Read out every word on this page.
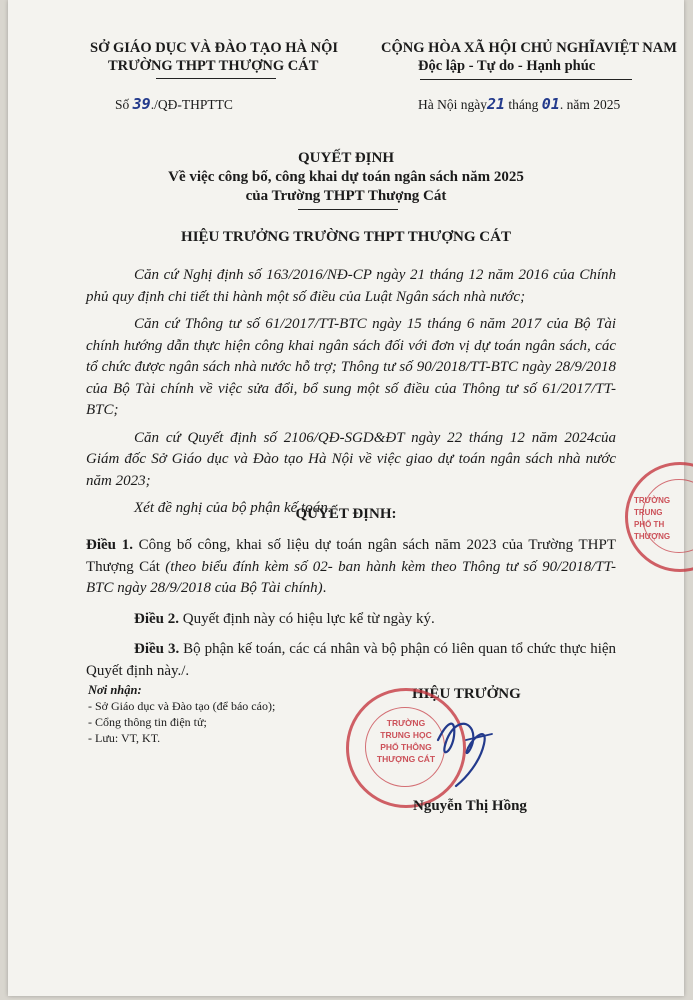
SỞ GIÁO DỤC VÀ ĐÀO TẠO HÀ NỘI
TRƯỜNG THPT THƯỢNG CÁT
CỘNG HÒA XÃ HỘI CHỦ NGHĨAVIỆT NAM
Độc lập - Tự do - Hạnh phúc
Số 39./QĐ-THPTTC	Hà Nội ngày21 tháng 01. năm 2025
QUYẾT ĐỊNH
Về việc công bố, công khai dự toán ngân sách năm 2025
của Trường THPT Thượng Cát
HIỆU TRƯỞNG TRƯỜNG THPT THƯỢNG CÁT

Căn cứ Nghị định số 163/2016/NĐ-CP ngày 21 tháng 12 năm 2016 của Chính phủ quy định chi tiết thi hành một số điều của Luật Ngân sách nhà nước;

Căn cứ Thông tư số 61/2017/TT-BTC ngày 15 tháng 6 năm 2017 của Bộ Tài chính hướng dẫn thực hiện công khai ngân sách đối với đơn vị dự toán ngân sách, các tổ chức được ngân sách nhà nước hỗ trợ; Thông tư số 90/2018/TT-BTC ngày 28/9/2018 của Bộ Tài chính về việc sửa đổi, bổ sung một số điều của Thông tư số 61/2017/TT-BTC;

Căn cứ Quyết định số 2106/QĐ-SGD&ĐT ngày 22 tháng 12 năm 2024của Giám đốc Sở Giáo dục và Đào tạo Hà Nội về việc giao dự toán ngân sách nhà nước năm 2023;

Xét đề nghị của bộ phận kế toán.

QUYẾT ĐỊNH:

Điều 1. Công bố công, khai số liệu dự toán ngân sách năm 2023 của Trường THPT Thượng Cát (theo biểu đính kèm số 02- ban hành kèm theo Thông tư số 90/2018/TT-BTC ngày 28/9/2018 của Bộ Tài chính).

Điều 2. Quyết định này có hiệu lực kể từ ngày ký.

Điều 3. Bộ phận kế toán, các cá nhân và bộ phận có liên quan tổ chức thực hiện Quyết định này./.

Nơi nhận:
- Sở Giáo dục và Đào tạo (để báo cáo);
- Cổng thông tin điện tử;
- Lưu: VT, KT.
HIỆU TRƯỞNG
TRƯỜNG
TRUNG HỌC
PHỔ THÔNG
THƯỢNG CÁT
Nguyễn Thị Hồng
TRƯỜNG
TRUNG
PHỔ TH
THƯỢNG
